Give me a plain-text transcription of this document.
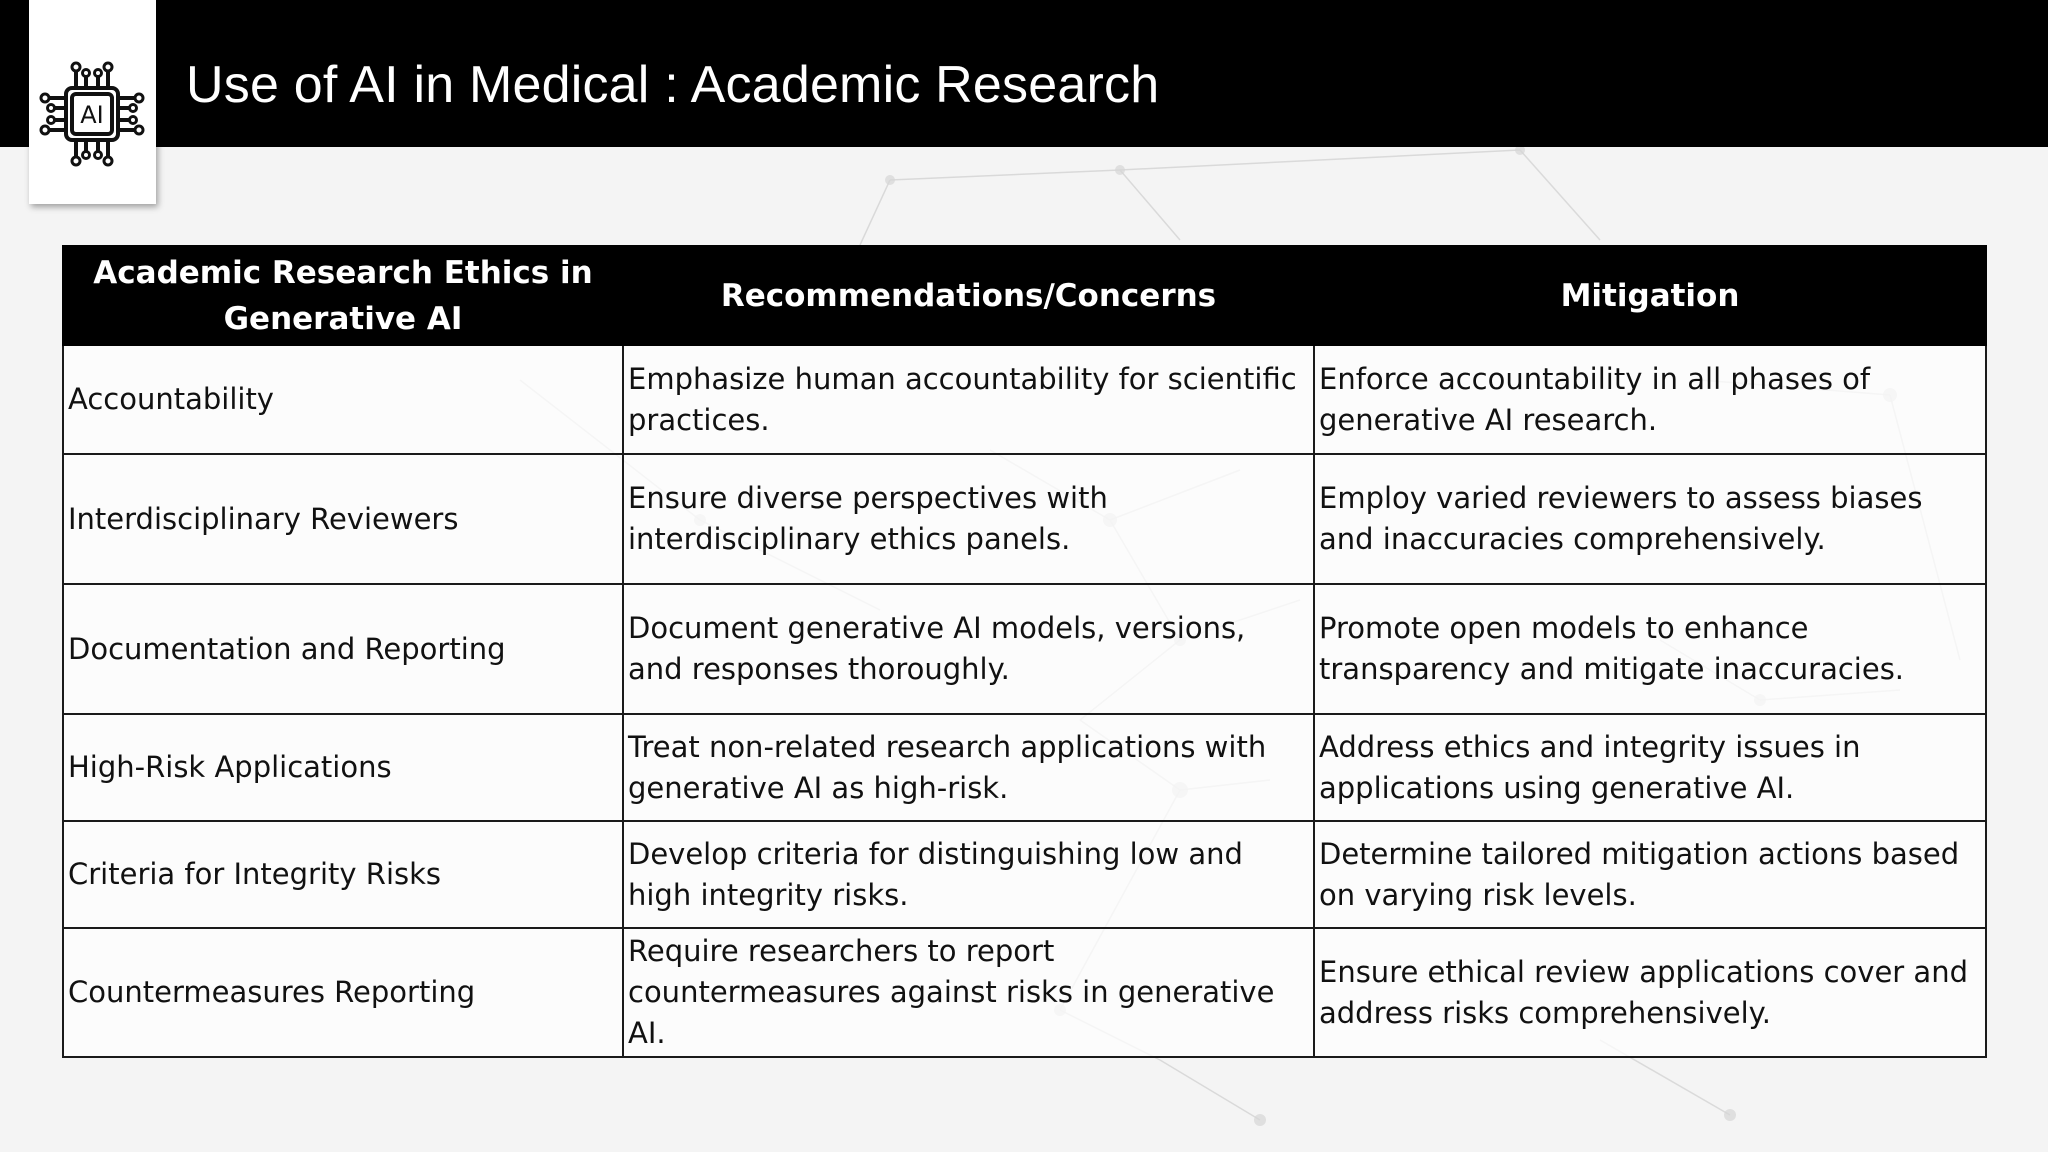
AI
Use of AI in Medical : Academic Research
Academic Research Ethics in Generative AI	Recommendations/Concerns	Mitigation
Accountability	Emphasize human accountability for scientific practices.	Enforce accountability in all phases of generative AI research.
Interdisciplinary Reviewers	Ensure diverse perspectives with interdisciplinary ethics panels.	Employ varied reviewers to assess biases and inaccuracies comprehensively.
Documentation and Reporting	Document generative AI models, versions, and responses thoroughly.	Promote open models to enhance transparency and mitigate inaccuracies.
High-Risk Applications	Treat non-related research applications with generative AI as high-risk.	Address ethics and integrity issues in applications using generative AI.
Criteria for Integrity Risks	Develop criteria for distinguishing low and high integrity risks.	Determine tailored mitigation actions based on varying risk levels.
Countermeasures Reporting	Require researchers to report countermeasures against risks in generative AI.	Ensure ethical review applications cover and address risks comprehensively.
